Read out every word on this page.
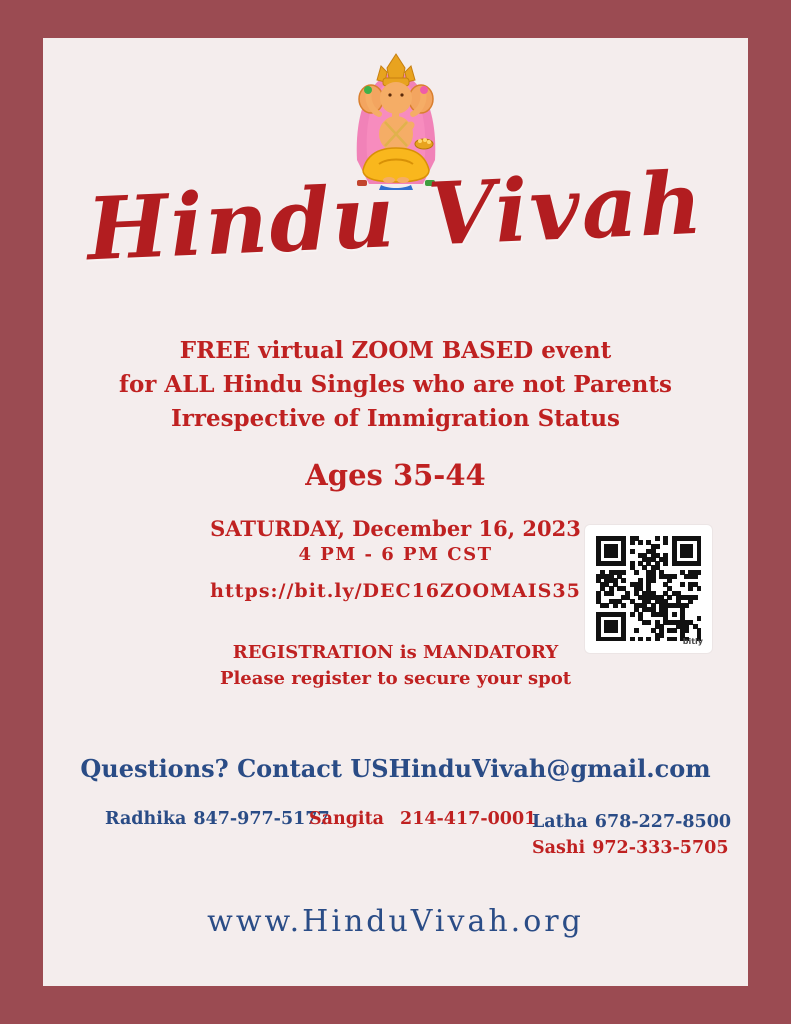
Hindu Vivah
FREE virtual ZOOM BASED event
for ALL Hindu Singles who are not Parents
Irrespective of Immigration Status
Ages 35-44
SATURDAY, December 16, 2023
4 PM - 6 PM CST
https://bit.ly/DEC16ZOOMAIS35
REGISTRATION is MANDATORY
Please register to secure your spot
bitly
Questions? Contact USHinduVivah@gmail.com
Radhika 847-977-5177
Sangita 214-417-0001
Latha 678-227-8500
Sashi 972-333-5705
www.HinduVivah.org
